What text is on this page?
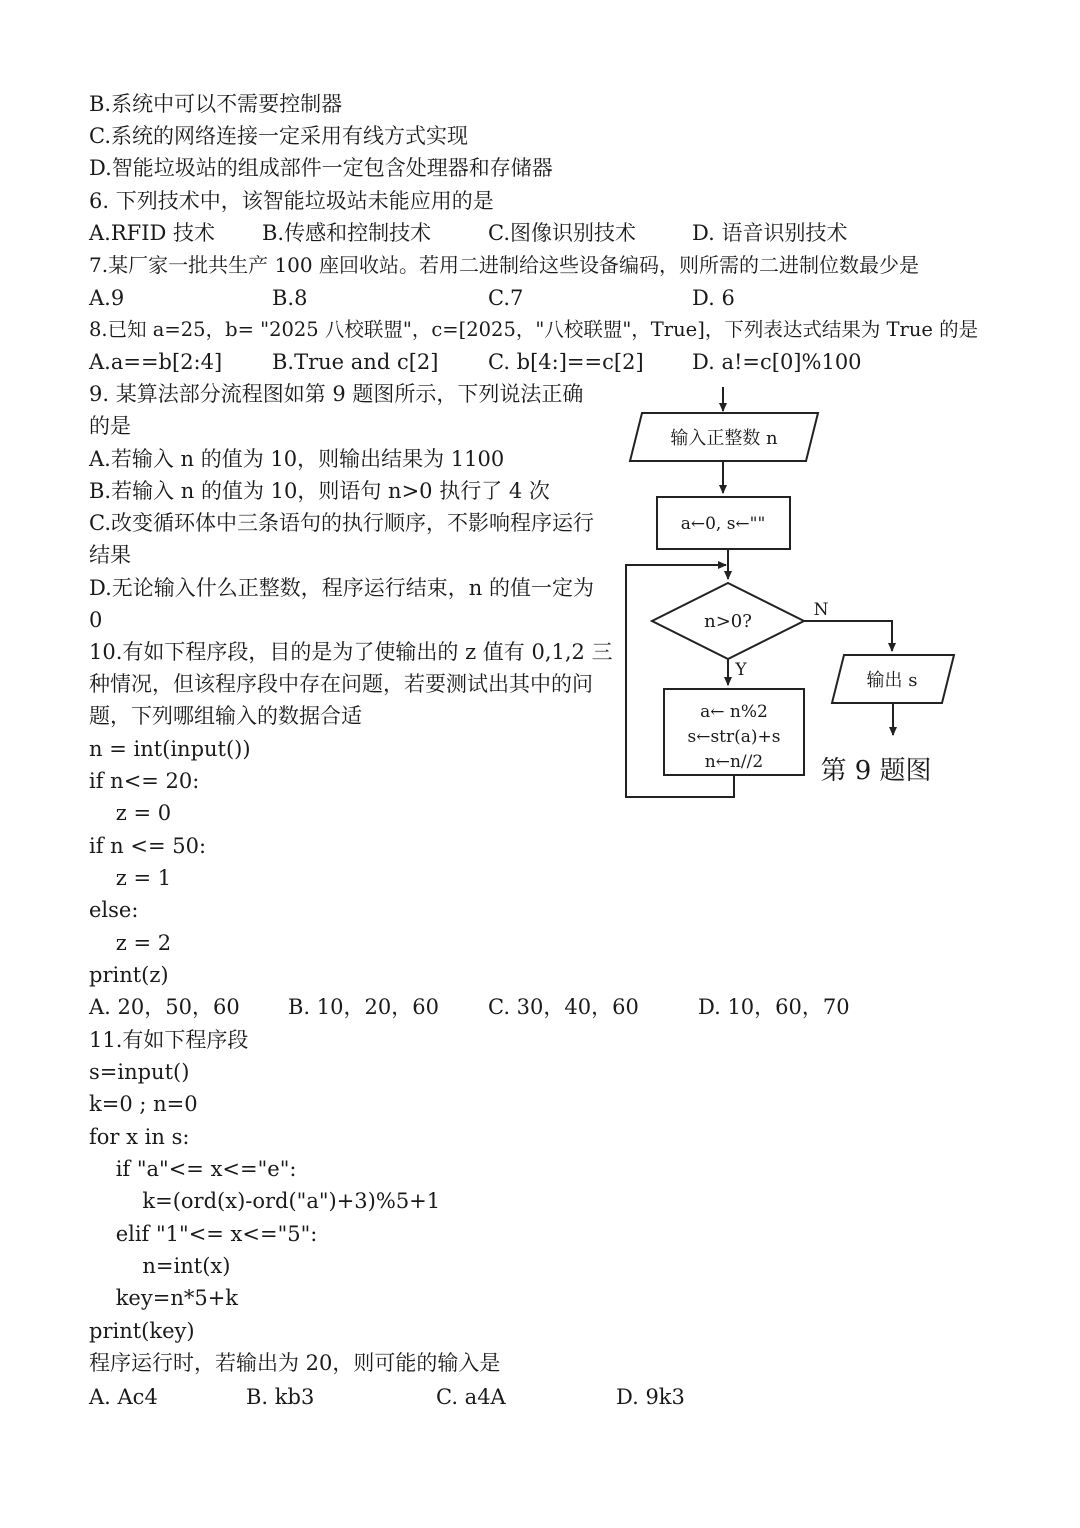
B.系统中可以不需要控制器
C.系统的网络连接一定采用有线方式实现
D.智能垃圾站的组成部件一定包含处理器和存储器
6. 下列技术中，该智能垃圾站未能应用的是
A.RFID 技术 B.传感和控制技术	C.图像识别技术	D. 语音识别技术
7.某厂家一批共生产 100 座回收站。若用二进制给这些设备编码，则所需的二进制位数最少是
A.9	B.8	C.7	D. 6
8.已知 a=25，b= "2025 八校联盟"，c=[2025，"八校联盟"，True]，下列表达式结果为 True 的是
A.a==b[2:4] B.True and c[2] C. b[4:]==c[2] D. a!=c[0]%100
9. 某算法部分流程图如第 9 题图所示，下列说法正确
的是
A.若输入 n 的值为 10，则输出结果为 1100
B.若输入 n 的值为 10，则语句 n>0 执行了 4 次
C.改变循环体中三条语句的执行顺序，不影响程序运行
结果
D.无论输入什么正整数，程序运行结束，n 的值一定为
0
输入正整数 n
a←0, s←""
n>0?
N
Y	输出 s
a← n%2
s←str(a)+s
n←n//2 第 9 题图
10.有如下程序段，目的是为了使输出的 z 值有 0,1,2 三
种情况，但该程序段中存在问题，若要测试出其中的问
题，下列哪组输入的数据合适
n = int(input())
if n<= 20:
z = 0
if n <= 50:
z = 1
else:
z = 2
print(z)
A. 20，50，60 B. 10，20，60 C. 30，40，60	D. 10，60，70
11.有如下程序段
s=input()
k=0 ; n=0
for x in s:
if "a"<= x<="e":
k=(ord(x)-ord("a")+3)%5+1
elif "1"<= x<="5":
n=int(x)
key=n*5+k
print(key)
程序运行时，若输出为 20，则可能的输入是
A. Ac4	B. kb3	C. a4A	D. 9k3
